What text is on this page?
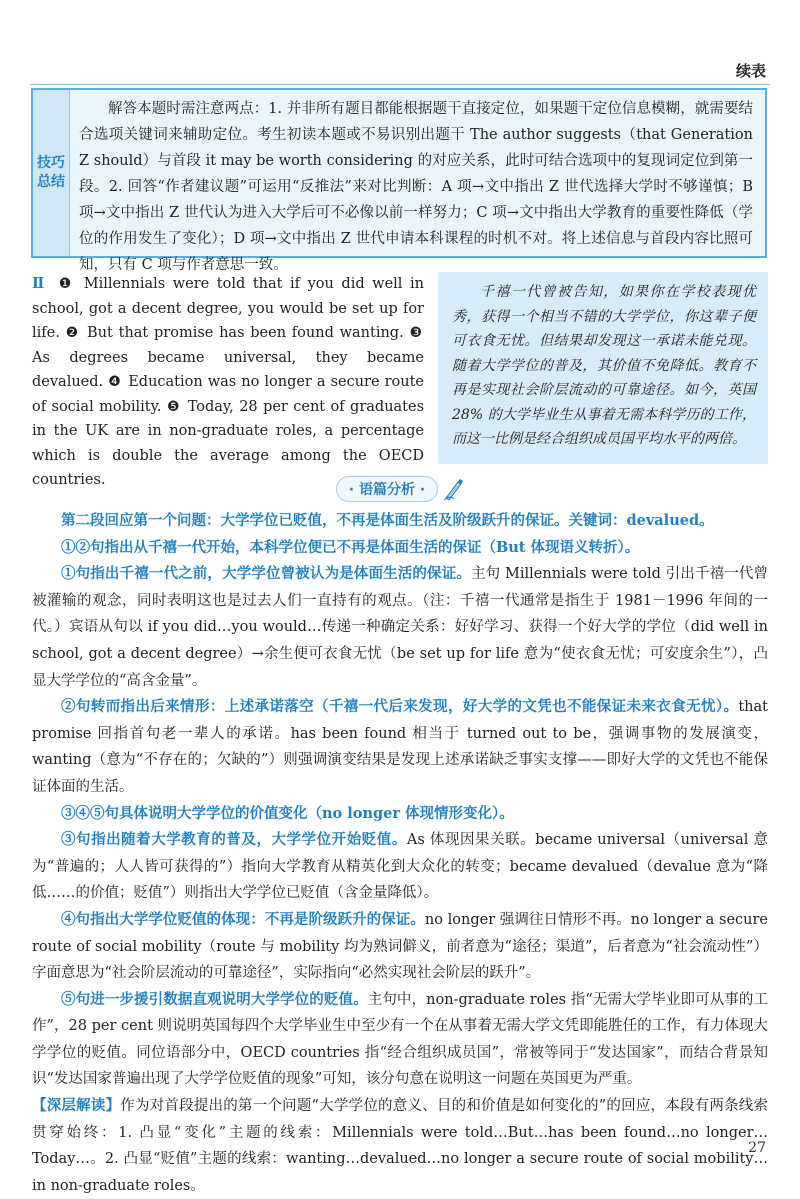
续表
技巧
总结
解答本题时需注意两点：1. 并非所有题目都能根据题干直接定位，如果题干定位信息模糊，就需要结合选项关键词来辅助定位。考生初读本题或不易识别出题干 The author suggests（that Generation Z should）与首段 it may be worth considering 的对应关系，此时可结合选项中的复现词定位到第一段。2. 回答“作者建议题”可运用“反推法”来对比判断：A 项→文中指出 Z 世代选择大学时不够谨慎；B 项→文中指出 Z 世代认为进入大学后可不必像以前一样努力；C 项→文中指出大学教育的重要性降低（学位的作用发生了变化）；D 项→文中指出 Z 世代申请本科课程的时机不对。将上述信息与首段内容比照可知，只有 C 项与作者意思一致。
Ⅱ ❶ Millennials were told that if you did well in school, got a decent degree, you would be set up for life. ❷ But that promise has been found wanting. ❸ As degrees became universal, they became devalued. ❹ Education was no longer a secure route of social mobility. ❺ Today, 28 per cent of graduates in the UK are in non-graduate roles, a percentage which is double the average among the OECD countries.
千禧一代曾被告知，如果你在学校表现优秀，获得一个相当不错的大学学位，你这辈子便可衣食无忧。但结果却发现这一承诺未能兑现。随着大学学位的普及，其价值不免降低。教育不再是实现社会阶层流动的可靠途径。如今，英国 28% 的大学毕业生从事着无需本科学历的工作，而这一比例是经合组织成员国平均水平的两倍。
· 语篇分析 ·

第二段回应第一个问题：大学学位已贬值，不再是体面生活及阶级跃升的保证。关键词：devalued。

①②句指出从千禧一代开始，本科学位便已不再是体面生活的保证（But 体现语义转折）。

①句指出千禧一代之前，大学学位曾被认为是体面生活的保证。主句 Millennials were told 引出千禧一代曾被灌输的观念，同时表明这也是过去人们一直持有的观点。（注：千禧一代通常是指生于 1981－1996 年间的一代。）宾语从句以 if you did…you would…传递一种确定关系：好好学习、获得一个好大学的学位（did well in school, got a decent degree）→余生便可衣食无忧（be set up for life 意为“使衣食无忧；可安度余生”），凸显大学学位的“高含金量”。

②句转而指出后来情形：上述承诺落空（千禧一代后来发现，好大学的文凭也不能保证未来衣食无忧）。that promise 回指首句老一辈人的承诺。has been found 相当于 turned out to be，强调事物的发展演变，wanting（意为“不存在的；欠缺的”）则强调演变结果是发现上述承诺缺乏事实支撑——即好大学的文凭也不能保证体面的生活。

③④⑤句具体说明大学学位的价值变化（no longer 体现情形变化）。

③句指出随着大学教育的普及，大学学位开始贬值。As 体现因果关联。became universal（universal 意为“普遍的；人人皆可获得的”）指向大学教育从精英化到大众化的转变；became devalued（devalue 意为“降低……的价值；贬值”）则指出大学学位已贬值（含金量降低）。

④句指出大学学位贬值的体现：不再是阶级跃升的保证。no longer 强调往日情形不再。no longer a secure route of social mobility（route 与 mobility 均为熟词僻义，前者意为“途径；渠道”，后者意为“社会流动性”）字面意思为“社会阶层流动的可靠途径”，实际指向“必然实现社会阶层的跃升”。

⑤句进一步援引数据直观说明大学学位的贬值。主句中，non-graduate roles 指“无需大学毕业即可从事的工作”，28 per cent 则说明英国每四个大学毕业生中至少有一个在从事着无需大学文凭即能胜任的工作，有力体现大学学位的贬值。同位语部分中，OECD countries 指“经合组织成员国”，常被等同于“发达国家”，而结合背景知识“发达国家普遍出现了大学学位贬值的现象”可知，该分句意在说明这一问题在英国更为严重。

【深层解读】作为对首段提出的第一个问题“大学学位的意义、目的和价值是如何变化的”的回应，本段有两条线索贯穿始终：1. 凸显“变化”主题的线索：Millennials were told…But…has been found…no longer…Today…。2. 凸显“贬值”主题的线索：wanting…devalued…no longer a secure route of social mobility…in non-graduate roles。

27
